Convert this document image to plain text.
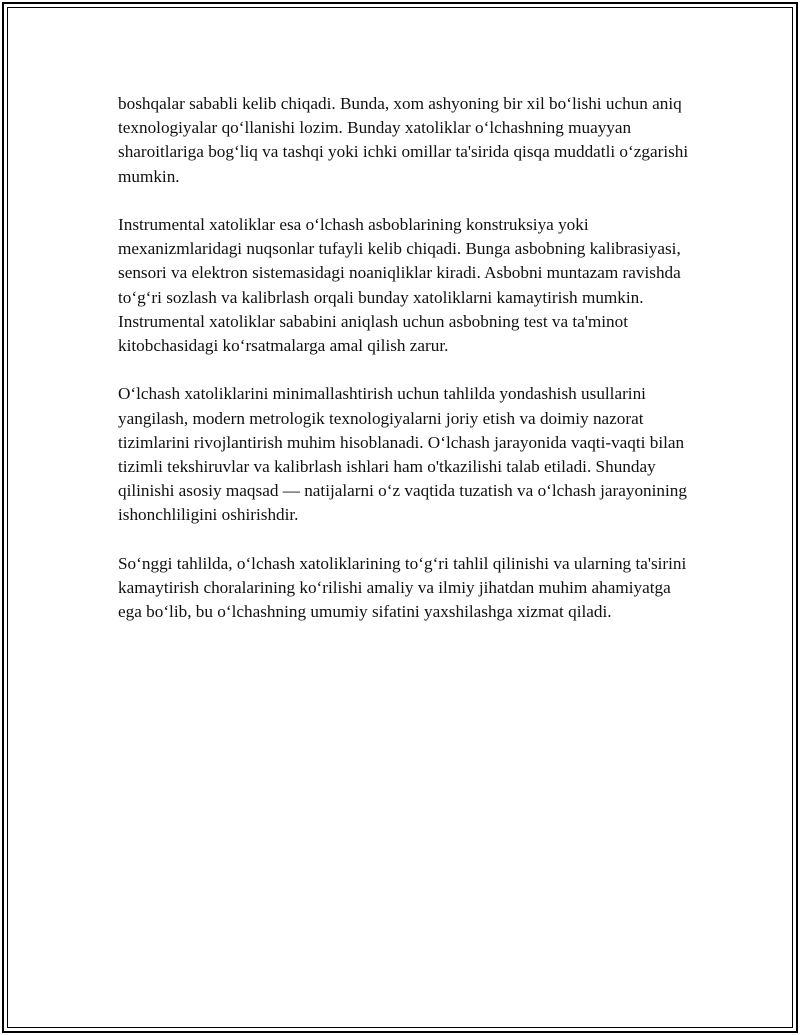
boshqalar sababli kelib chiqadi. Bunda, xom ashyoning bir xil bo‘lishi uchun aniq texnologiyalar qo‘llanishi lozim. Bunday xatoliklar o‘lchashning muayyan sharoitlariga bog‘liq va tashqi yoki ichki omillar ta'sirida qisqa muddatli o‘zgarishi mumkin.

Instrumental xatoliklar esa o‘lchash asboblarining konstruksiya yoki mexanizmlaridagi nuqsonlar tufayli kelib chiqadi. Bunga asbobning kalibrasiyasi, sensori va elektron sistemasidagi noaniqliklar kiradi. Asbobni muntazam ravishda to‘g‘ri sozlash va kalibrlash orqali bunday xatoliklarni kamaytirish mumkin. Instrumental xatoliklar sababini aniqlash uchun asbobning test va ta'minot kitobchasidagi ko‘rsatmalarga amal qilish zarur.

O‘lchash xatoliklarini minimallashtirish uchun tahlilda yondashish usullarini yangilash, modern metrologik texnologiyalarni joriy etish va doimiy nazorat tizimlarini rivojlantirish muhim hisoblanadi. O‘lchash jarayonida vaqti-vaqti bilan tizimli tekshiruvlar va kalibrlash ishlari ham o'tkazilishi talab etiladi. Shunday qilinishi asosiy maqsad — natijalarni o‘z vaqtida tuzatish va o‘lchash jarayonining ishonchliligini oshirishdir.

So‘nggi tahlilda, o‘lchash xatoliklarining to‘g‘ri tahlil qilinishi va ularning ta'sirini kamaytirish choralarining ko‘rilishi amaliy va ilmiy jihatdan muhim ahamiyatga ega bo‘lib, bu o‘lchashning umumiy sifatini yaxshilashga xizmat qiladi.
